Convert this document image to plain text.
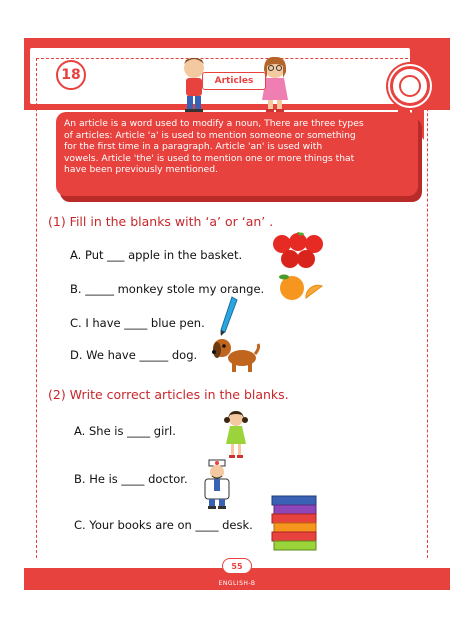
18	Articles
An article is a word used to modify a noun, There are three types
of articles: Article 'a' is used to mention someone or something
for the first time in a paragraph. Article 'an' is used with
vowels. Article 'the' is used to mention one or more things that
have been previously mentioned.
(1) Fill in the blanks with ‘a’ or ‘an’ .
A. Put ___ apple in the basket.
B. _____ monkey stole my orange.
C. I have ____ blue pen.
D. We have _____ dog.
(2) Write correct articles in the blanks.
A. She is ____ girl.
B. He is ____ doctor.
C. Your books are on ____ desk.
55
ENGLISH-B
